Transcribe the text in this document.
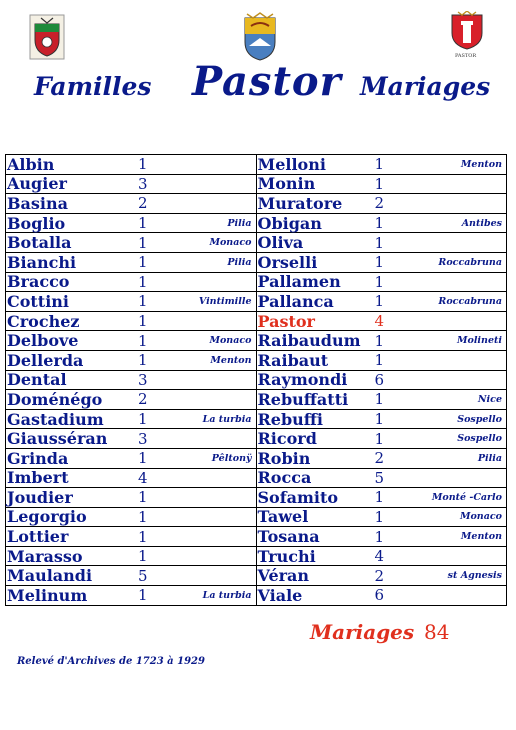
PASTOR
Familles Pastor Mariages
Albin 1	Melloni 1 Menton

Augier 3	Monin 1

Basina 2	Muratore 2

Boglio 1 Pilia	Obigan 1 Antibes

Botalla 1 Monaco	Oliva 1

Bianchi 1 Pilia	Orselli 1 Roccabruna

Bracco 1	Pallamen 1

Cottini 1 Vintimille	Pallanca 1 Roccabruna

Crochez 1	Pastor 4

Delbove 1 Monaco	Raibaudum 1 Molineti

Dellerda 1 Menton	Raibaut 1

Dental 3	Raymondi 6

Doménégo 2	Rebuffatti 1 Nice

Gastadium 1 La turbia	Rebuffi 1 Sospello

Giausséran 3	Ricord 1 Sospello

Grinda 1 Pêltonÿ	Robin 2 Pilia

Imbert 4	Rocca 5

Joudier 1	Sofamito 1 Monté -Carlo

Legorgio 1	Tawel 1 Monaco

Lottier 1	Tosana 1 Menton

Marasso 1	Truchi 4

Maulandi 5	Véran 2 st Agnesis

Melinum 1 La turbia	Viale 6
Mariages 84
Relevé d'Archives de 1723 à 1929
